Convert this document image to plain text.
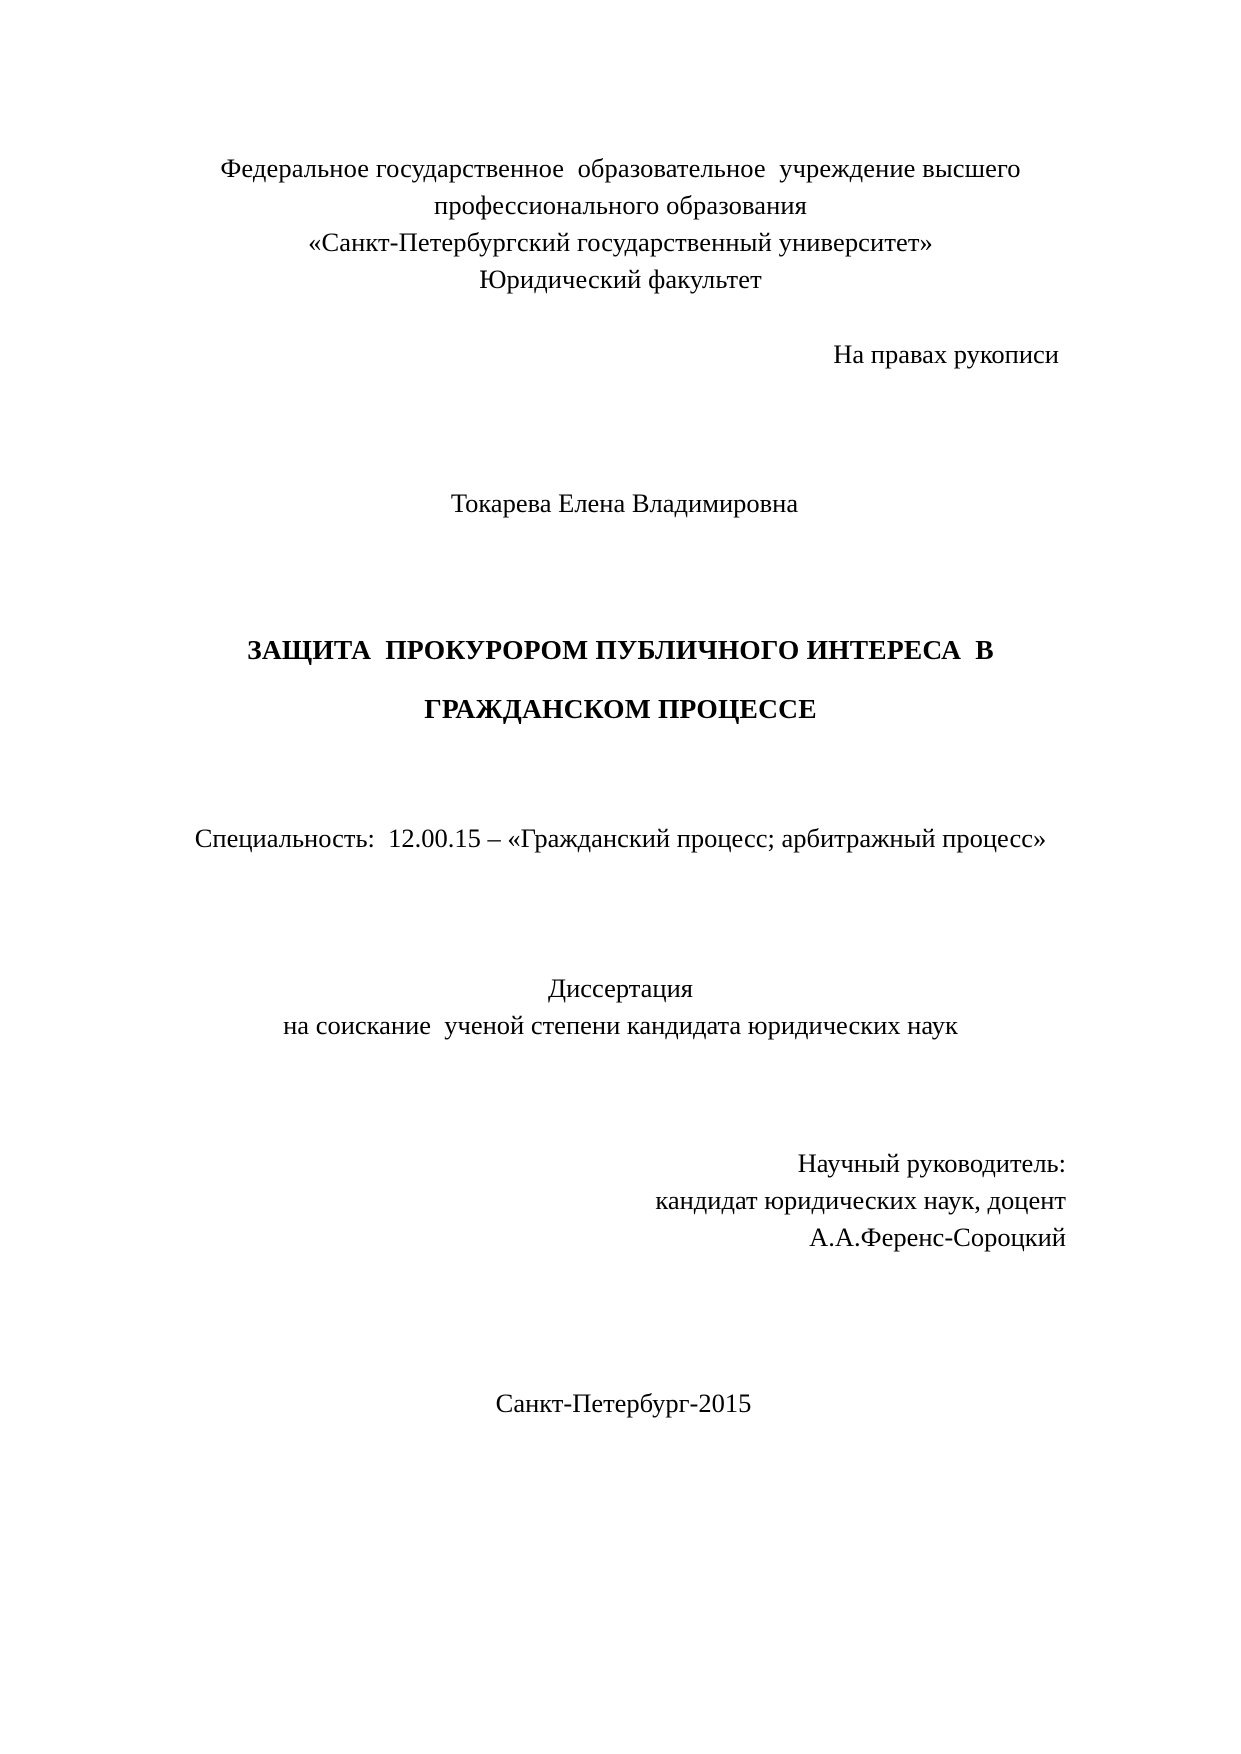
Федеральное государственное  образовательное  учреждение высшего
профессионального образования
«Санкт-Петербургский государственный университет»
Юридический факультет
На правах рукописи
Токарева Елена Владимировна
ЗАЩИТА  ПРОКУРОРОМ ПУБЛИЧНОГО ИНТЕРЕСА  В
ГРАЖДАНСКОМ ПРОЦЕССЕ
Специальность:  12.00.15 – «Гражданский процесс; арбитражный процесс»
Диссертация
на соискание  ученой степени кандидата юридических наук
Научный руководитель:
кандидат юридических наук, доцент
А.А.Ференс-Сороцкий
Санкт-Петербург-2015
